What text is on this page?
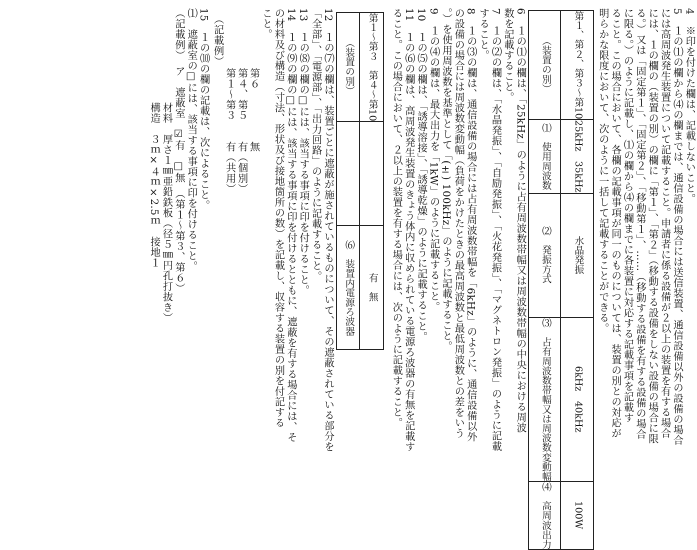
4　※印を付けた欄は、記載しないこと。

5　１の⑴の欄から⑷の欄までは、通信設備の場合には送信装置、通信設備以外の設備の場合

には高周波発生装置について記載すること。申請者に係る設備が２以上の装置を有する場合

には、１の欄の（装置の別）の欄に「第１」、「第２」（移動する設備をしない設備の場合に限

る。）又は「固定第１」、「固定第２」、「移動第１」、……（移動する設備を有する設備の場合

に限る。）のように記載し、⑴の欄から⑷の欄までに各装置に対応する記載事項を記載す

ること。この場合において、各欄の記載事項が同一のものについては、装置の別との対応が

明らかな限度において、次のように一括して記載することができる。

（装置の別）	第１、第２、第３～第10
⑴　使用周波数	25kHz　35kHz
⑵　発振方式	水晶発振
⑶　占有周波数帯幅又は周波数変動幅	6kHz　40kHz
⑷　高周波出力	100W

6　１の⑴の欄は、「25kHz」のように占有周波数帯幅又は周波数帯幅の中央における周波

数を記載すること。

7　１の⑵の欄は、「水晶発振」、「自励発振」、「火花発振」、「マグネトロン発振」のように記載

すること。

8　１の⑶の欄は、通信設備の場合には占有周波数帯幅を「6kHz」のように、通信設備以外

の設備の場合には周波数変動幅（負荷をかけたときの最高周波数と最低周波数との差をいう

。）を使用周波数を基準として「(±) 100kHz」のように記載すること。

9　１の⑷の欄は、最大出力を「1kW」のように記載すること。

10　１の⑸の欄は、「誘導溶接」、「誘導乾燥」のように記載すること。

11　１の⑹の欄は、高周波発生装置のきょう体内に収められている電源ろ波器の有無を記載す

ること。この場合において、２以上の装置を有する場合には、次のように記載すること。

（装置の別）	第１～第３　第４～第10

⑹　装置内電源ろ波器	有　無

12　１の⑺の欄は、装置ごとに遮蔽が施されているものについて、その遮蔽されている部分を

「全部」、「電源部」、「出力回路」のように記載すること。

13　１の⑻の欄の□には、該当する事項に印を付けること。

14　１の⑼の欄の□には、該当する事項に印を付けるとともに、遮蔽を有する場合には、そ

の材料及び構造（寸法、形状及び接地箇所の数）を記載し、収容する装置の別を付記する

こと。

（記載例）

第１～第３　　有（共用） 第４、第５　　有（個別） 第６　　　　　無

15　１の⑽の欄の記載は、次によること。

⑴　遮蔽室の□には、該当する事項に印を付けること。

（記載例）　ア　遮蔽室　☑有　□無　（第１～第３、第６）

　　　　　　　　　材料　厚さ１㎜亜鉛鉄板（径５㎜円孔打抜き）

　　　　　　　　　構造　３ｍ×４ｍ×2.5ｍ　接地１
